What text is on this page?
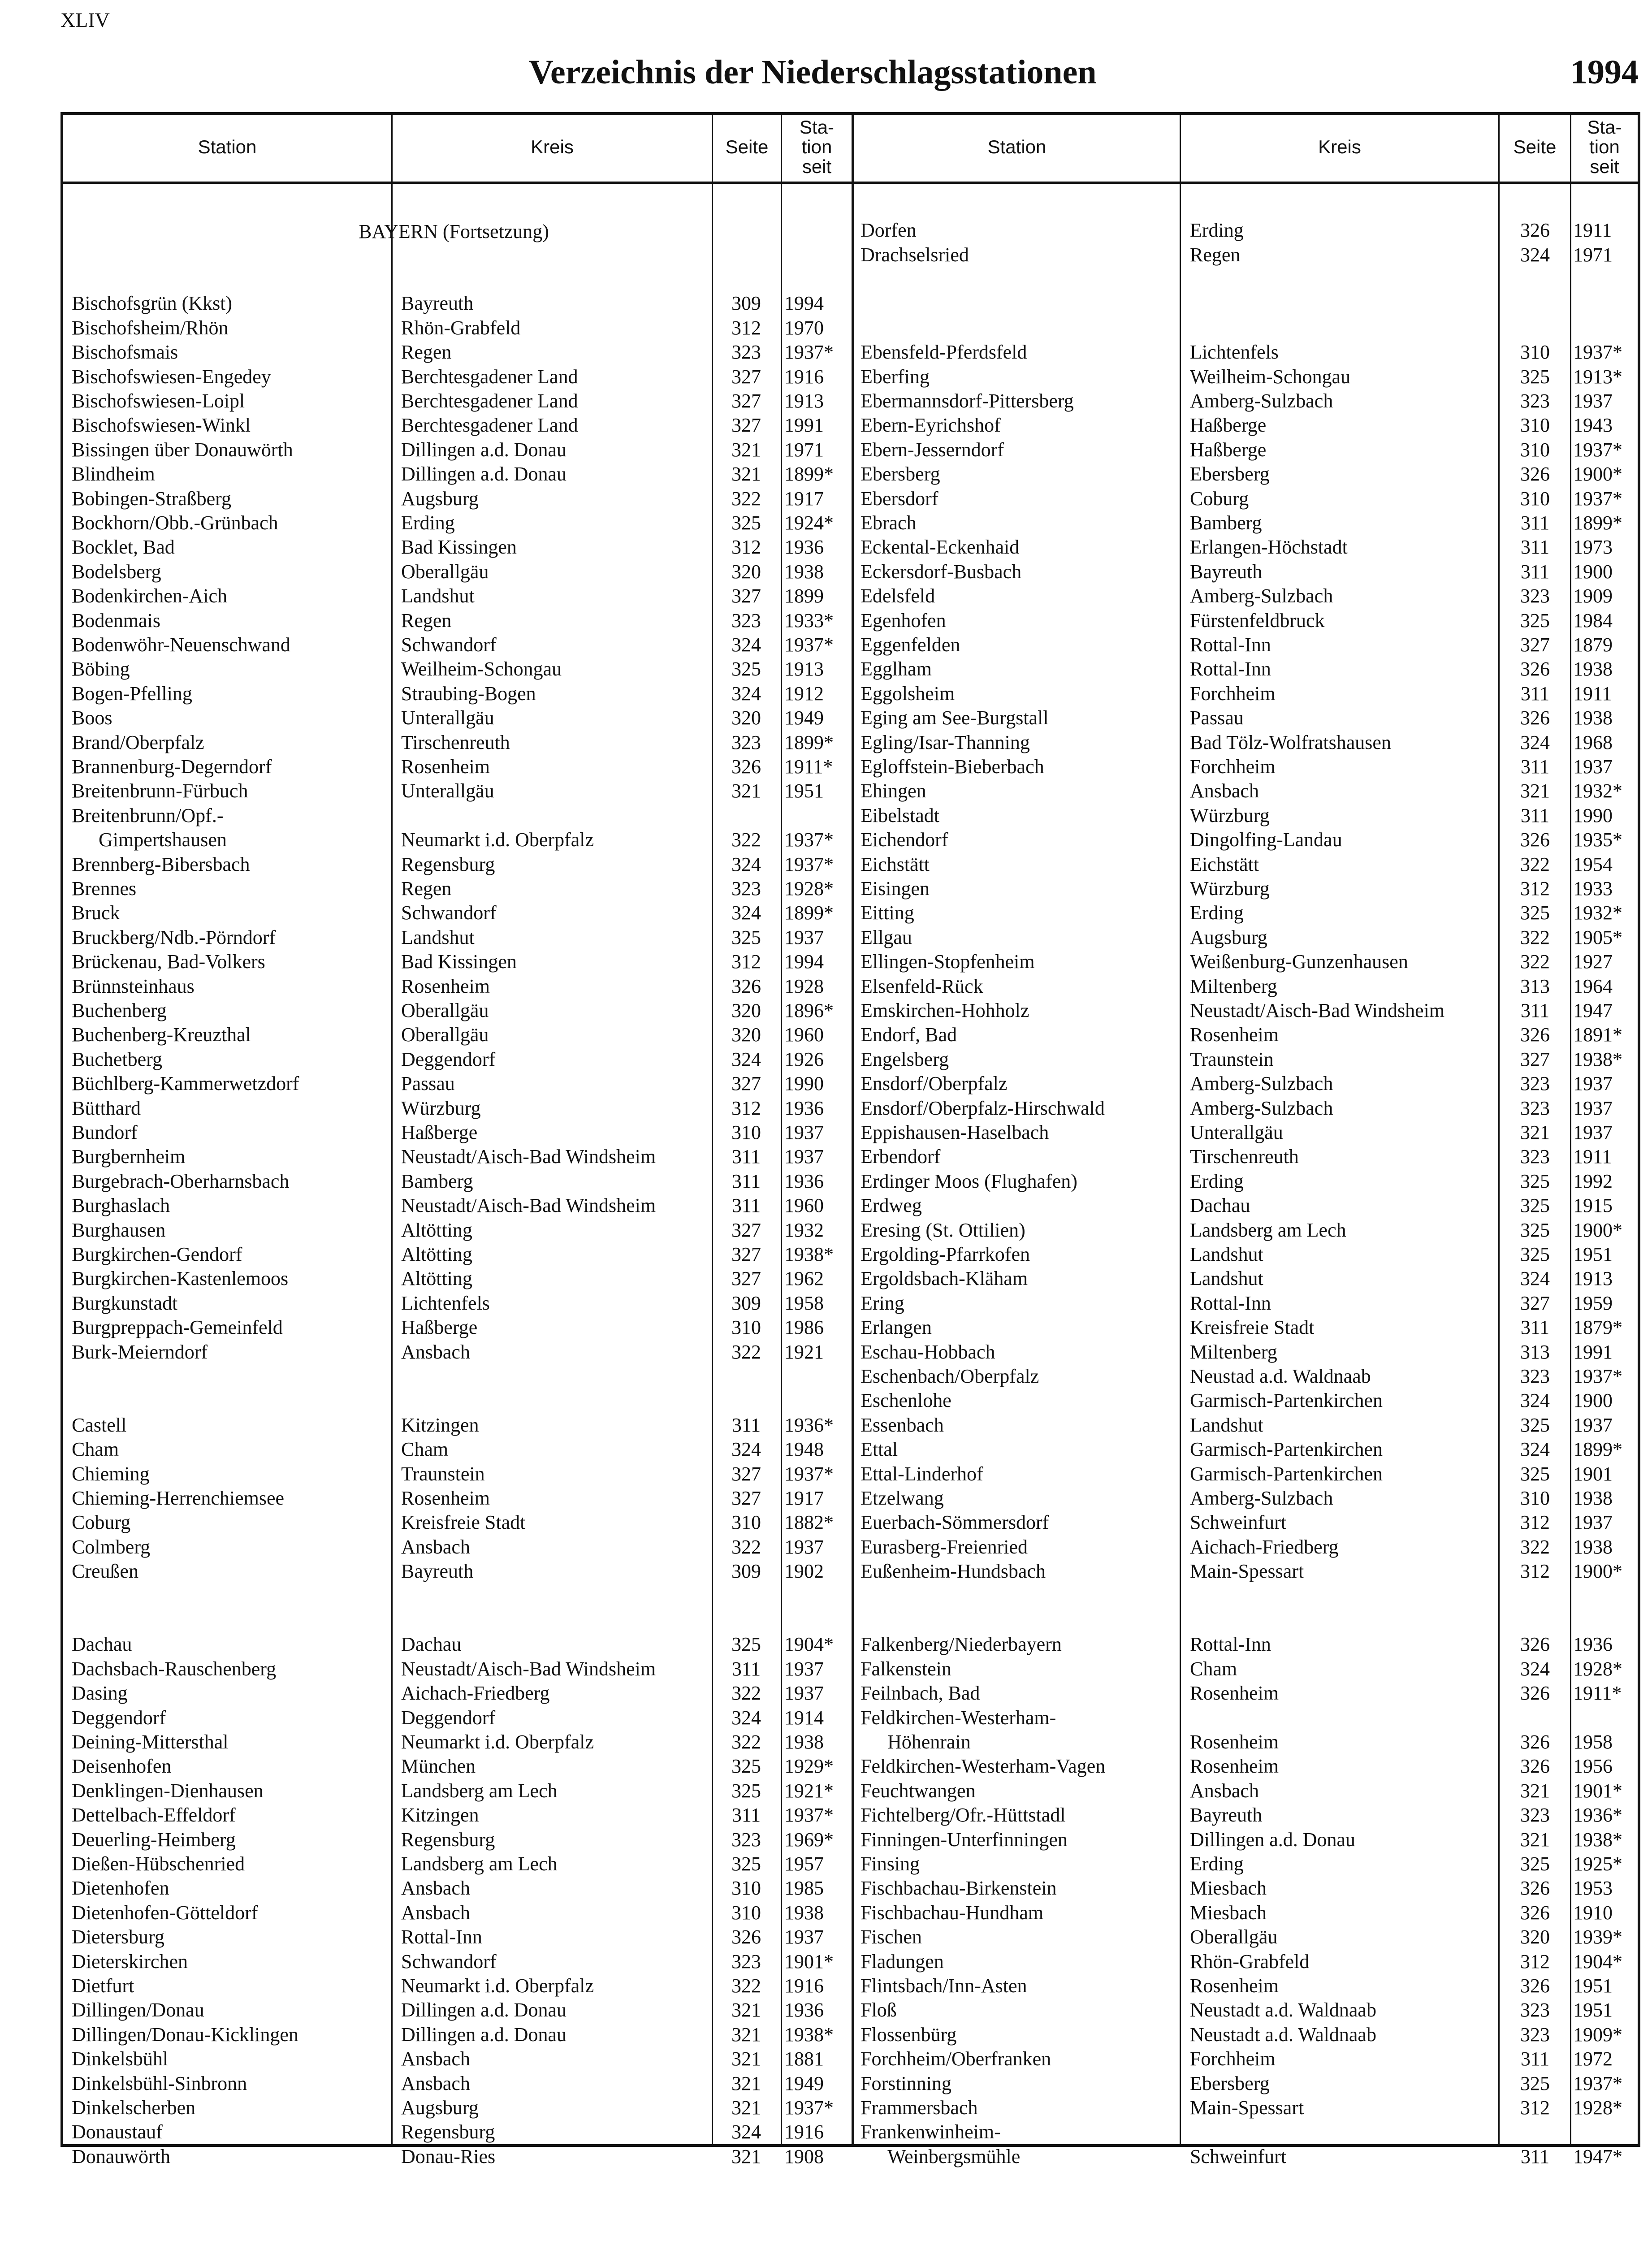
XLIV
Verzeichnis der Niederschlagsstationen	1994
Station	Kreis	Seite
Sta-
tion
seit
Station	Kreis	Seite
Sta-
tion
seit
BAYERN (Fortsetzung)
Bischofsgrün (Kkst)	Bayreuth	309	1994
Bischofsheim/Rhön	Rhön-Grabfeld	312	1970
Bischofsmais	Regen	323	1937*
Bischofswiesen-Engedey	Berchtesgadener Land	327	1916
Bischofswiesen-Loipl	Berchtesgadener Land	327	1913
Bischofswiesen-Winkl	Berchtesgadener Land	327	1991
Bissingen über Donauwörth	Dillingen a.d. Donau	321	1971
Blindheim	Dillingen a.d. Donau	321	1899*
Bobingen-Straßberg	Augsburg	322	1917
Bockhorn/Obb.-Grünbach	Erding	325	1924*
Bocklet, Bad	Bad Kissingen	312	1936
Bodelsberg	Oberallgäu	320	1938
Bodenkirchen-Aich	Landshut	327	1899
Bodenmais	Regen	323	1933*
Bodenwöhr-Neuenschwand	Schwandorf	324	1937*
Böbing	Weilheim-Schongau	325	1913
Bogen-Pfelling	Straubing-Bogen	324	1912
Boos	Unterallgäu	320	1949
Brand/Oberpfalz	Tirschenreuth	323	1899*
Brannenburg-Degerndorf	Rosenheim	326	1911*
Breitenbrunn-Fürbuch	Unterallgäu	321	1951
Breitenbrunn/Opf.-
Gimpertshausen	Neumarkt i.d. Oberpfalz	322	1937*
Brennberg-Bibersbach	Regensburg	324	1937*
Brennes	Regen	323	1928*
Bruck	Schwandorf	324	1899*
Bruckberg/Ndb.-Pörndorf	Landshut	325	1937
Brückenau, Bad-Volkers	Bad Kissingen	312	1994
Brünnsteinhaus	Rosenheim	326	1928
Buchenberg	Oberallgäu	320	1896*
Buchenberg-Kreuzthal	Oberallgäu	320	1960
Buchetberg	Deggendorf	324	1926
Büchlberg-Kammerwetzdorf	Passau	327	1990
Bütthard	Würzburg	312	1936
Bundorf	Haßberge	310	1937
Burgbernheim	Neustadt/Aisch-Bad Windsheim	311	1937
Burgebrach-Oberharnsbach	Bamberg	311	1936
Burghaslach	Neustadt/Aisch-Bad Windsheim	311	1960
Burghausen	Altötting	327	1932
Burgkirchen-Gendorf	Altötting	327	1938*
Burgkirchen-Kastenlemoos	Altötting	327	1962
Burgkunstadt	Lichtenfels	309	1958
Burgpreppach-Gemeinfeld	Haßberge	310	1986
Burk-Meierndorf	Ansbach	322	1921
Castell	Kitzingen	311	1936*
Cham	Cham	324	1948
Chieming	Traunstein	327	1937*
Chieming-Herrenchiemsee	Rosenheim	327	1917
Coburg	Kreisfreie Stadt	310	1882*
Colmberg	Ansbach	322	1937
Creußen	Bayreuth	309	1902
Dachau	Dachau	325	1904*
Dachsbach-Rauschenberg	Neustadt/Aisch-Bad Windsheim	311	1937
Dasing	Aichach-Friedberg	322	1937
Deggendorf	Deggendorf	324	1914
Deining-Mittersthal	Neumarkt i.d. Oberpfalz	322	1938
Deisenhofen	München	325	1929*
Denklingen-Dienhausen	Landsberg am Lech	325	1921*
Dettelbach-Effeldorf	Kitzingen	311	1937*
Deuerling-Heimberg	Regensburg	323	1969*
Dießen-Hübschenried	Landsberg am Lech	325	1957
Dietenhofen	Ansbach	310	1985
Dietenhofen-Götteldorf	Ansbach	310	1938
Dietersburg	Rottal-Inn	326	1937
Dieterskirchen	Schwandorf	323	1901*
Dietfurt	Neumarkt i.d. Oberpfalz	322	1916
Dillingen/Donau	Dillingen a.d. Donau	321	1936
Dillingen/Donau-Kicklingen	Dillingen a.d. Donau	321	1938*
Dinkelsbühl	Ansbach	321	1881
Dinkelsbühl-Sinbronn	Ansbach	321	1949
Dinkelscherben	Augsburg	321	1937*
Donaustauf	Regensburg	324	1916
Donauwörth	Donau-Ries	321	1908
Dorfen	Erding	326	1911
Drachselsried	Regen	324	1971
Ebensfeld-Pferdsfeld	Lichtenfels	310	1937*
Eberfing	Weilheim-Schongau	325	1913*
Ebermannsdorf-Pittersberg	Amberg-Sulzbach	323	1937
Ebern-Eyrichshof	Haßberge	310	1943
Ebern-Jesserndorf	Haßberge	310	1937*
Ebersberg	Ebersberg	326	1900*
Ebersdorf	Coburg	310	1937*
Ebrach	Bamberg	311	1899*
Eckental-Eckenhaid	Erlangen-Höchstadt	311	1973
Eckersdorf-Busbach	Bayreuth	311	1900
Edelsfeld	Amberg-Sulzbach	323	1909
Egenhofen	Fürstenfeldbruck	325	1984
Eggenfelden	Rottal-Inn	327	1879
Egglham	Rottal-Inn	326	1938
Eggolsheim	Forchheim	311	1911
Eging am See-Burgstall	Passau	326	1938
Egling/Isar-Thanning	Bad Tölz-Wolfratshausen	324	1968
Egloffstein-Bieberbach	Forchheim	311	1937
Ehingen	Ansbach	321	1932*
Eibelstadt	Würzburg	311	1990
Eichendorf	Dingolfing-Landau	326	1935*
Eichstätt	Eichstätt	322	1954
Eisingen	Würzburg	312	1933
Eitting	Erding	325	1932*
Ellgau	Augsburg	322	1905*
Ellingen-Stopfenheim	Weißenburg-Gunzenhausen	322	1927
Elsenfeld-Rück	Miltenberg	313	1964
Emskirchen-Hohholz	Neustadt/Aisch-Bad Windsheim	311	1947
Endorf, Bad	Rosenheim	326	1891*
Engelsberg	Traunstein	327	1938*
Ensdorf/Oberpfalz	Amberg-Sulzbach	323	1937
Ensdorf/Oberpfalz-Hirschwald	Amberg-Sulzbach	323	1937
Eppishausen-Haselbach	Unterallgäu	321	1937
Erbendorf	Tirschenreuth	323	1911
Erdinger Moos (Flughafen)	Erding	325	1992
Erdweg	Dachau	325	1915
Eresing (St. Ottilien)	Landsberg am Lech	325	1900*
Ergolding-Pfarrkofen	Landshut	325	1951
Ergoldsbach-Kläham	Landshut	324	1913
Ering	Rottal-Inn	327	1959
Erlangen	Kreisfreie Stadt	311	1879*
Eschau-Hobbach	Miltenberg	313	1991
Eschenbach/Oberpfalz	Neustad a.d. Waldnaab	323	1937*
Eschenlohe	Garmisch-Partenkirchen	324	1900
Essenbach	Landshut	325	1937
Ettal	Garmisch-Partenkirchen	324	1899*
Ettal-Linderhof	Garmisch-Partenkirchen	325	1901
Etzelwang	Amberg-Sulzbach	310	1938
Euerbach-Sömmersdorf	Schweinfurt	312	1937
Eurasberg-Freienried	Aichach-Friedberg	322	1938
Eußenheim-Hundsbach	Main-Spessart	312	1900*
Falkenberg/Niederbayern	Rottal-Inn	326	1936
Falkenstein	Cham	324	1928*
Feilnbach, Bad	Rosenheim	326	1911*
Feldkirchen-Westerham-
Höhenrain	Rosenheim	326	1958
Feldkirchen-Westerham-Vagen	Rosenheim	326	1956
Feuchtwangen	Ansbach	321	1901*
Fichtelberg/Ofr.-Hüttstadl	Bayreuth	323	1936*
Finningen-Unterfinningen	Dillingen a.d. Donau	321	1938*
Finsing	Erding	325	1925*
Fischbachau-Birkenstein	Miesbach	326	1953
Fischbachau-Hundham	Miesbach	326	1910
Fischen	Oberallgäu	320	1939*
Fladungen	Rhön-Grabfeld	312	1904*
Flintsbach/Inn-Asten	Rosenheim	326	1951
Floß	Neustadt a.d. Waldnaab	323	1951
Flossenbürg	Neustadt a.d. Waldnaab	323	1909*
Forchheim/Oberfranken	Forchheim	311	1972
Forstinning	Ebersberg	325	1937*
Frammersbach	Main-Spessart	312	1928*
Frankenwinheim-
Weinbergsmühle	Schweinfurt	311	1947*
